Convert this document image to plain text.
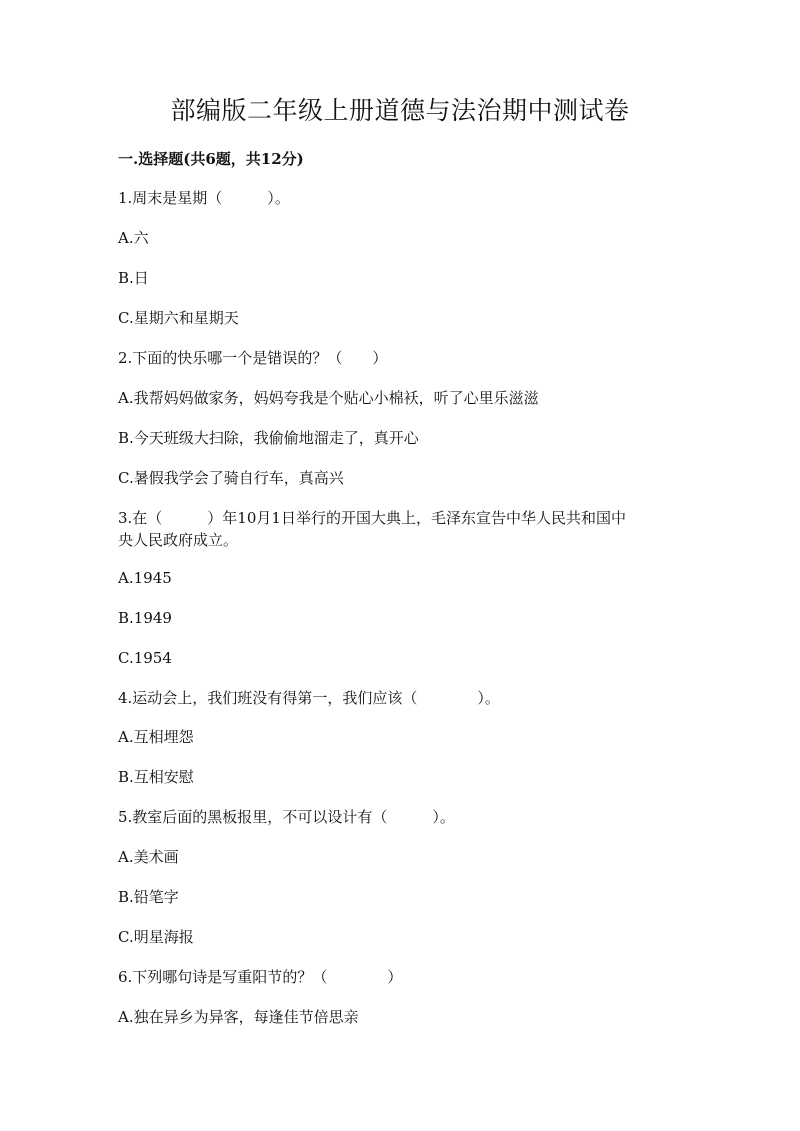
部编版二年级上册道德与法治期中测试卷
一.选择题(共6题，共12分)
1.周末是星期（　　　）。
A.六
B.日
C.星期六和星期天
2.下面的快乐哪一个是错误的？（　　）
A.我帮妈妈做家务，妈妈夸我是个贴心小棉袄，听了心里乐滋滋
B.今天班级大扫除，我偷偷地溜走了，真开心
C.暑假我学会了骑自行车，真高兴
3.在（　　　）年10月1日举行的开国大典上，毛泽东宣告中华人民共和国中
央人民政府成立。
A.1945
B.1949
C.1954
4.运动会上，我们班没有得第一，我们应该（　　　　）。
A.互相埋怨
B.互相安慰
5.教室后面的黑板报里，不可以设计有（　　　）。
A.美术画
B.铅笔字
C.明星海报
6.下列哪句诗是写重阳节的？（　　　　）
A.独在异乡为异客，每逢佳节倍思亲
